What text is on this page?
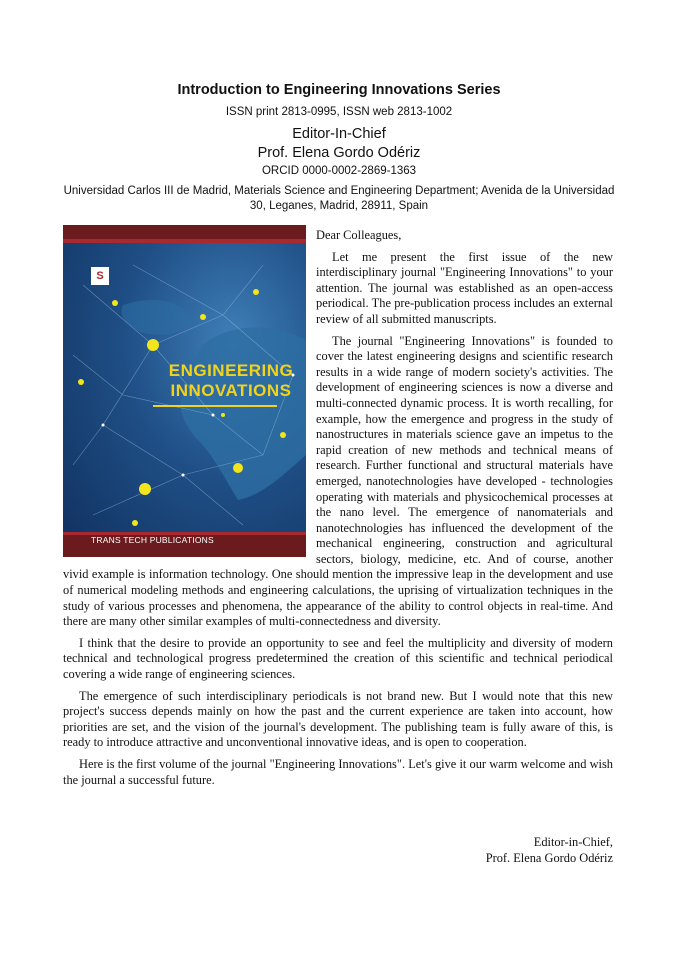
Introduction to Engineering Innovations Series
ISSN print 2813-0995, ISSN web 2813-1002
Editor-In-Chief
Prof. Elena Gordo Odériz
ORCID 0000-0002-2869-1363
Universidad Carlos III de Madrid, Materials Science and Engineering Department; Avenida de la Universidad 30, Leganes, Madrid, 28911, Spain
S
ENGINEERING
INNOVATIONS
TRANS TECH PUBLICATIONS

Dear Colleagues,

Let me present the first issue of the new interdisciplinary journal "Engineering Innovations" to your attention. The journal was established as an open-access periodical. The pre-publication process includes an external review of all submitted manuscripts.

The journal "Engineering Innovations" is founded to cover the latest engineering designs and scientific research results in a wide range of modern society's activities. The development of engineering sciences is now a diverse and multi-connected dynamic process. It is worth recalling, for example, how the emergence and progress in the study of nanostructures in materials science gave an impetus to the rapid creation of new methods and technical means of research. Further functional and structural materials have emerged, nanotechnologies have developed - technologies operating with materials and physicochemical processes at the nano level. The emergence of nanomaterials and nanotechnologies has influenced the development of the mechanical engineering, construction and agricultural sectors, biology, medicine, etc. And of course, another vivid example is information technology. One should mention the impressive leap in the development and use of numerical modeling methods and engineering calculations, the uprising of virtualization techniques in the study of various processes and phenomena, the appearance of the ability to control objects in real-time. And there are many other similar examples of multi-connectedness and diversity.

I think that the desire to provide an opportunity to see and feel the multiplicity and diversity of modern technical and technological progress predetermined the creation of this scientific and technical periodical covering a wide range of engineering sciences.

The emergence of such interdisciplinary periodicals is not brand new. But I would note that this new project's success depends mainly on how the past and the current experience are taken into account, how priorities are set, and the vision of the journal's development. The publishing team is fully aware of this, is ready to introduce attractive and unconventional innovative ideas, and is open to cooperation.

Here is the first volume of the journal "Engineering Innovations". Let's give it our warm welcome and wish the journal a successful future.

Editor-in-Chief,
Prof. Elena Gordo Odériz
